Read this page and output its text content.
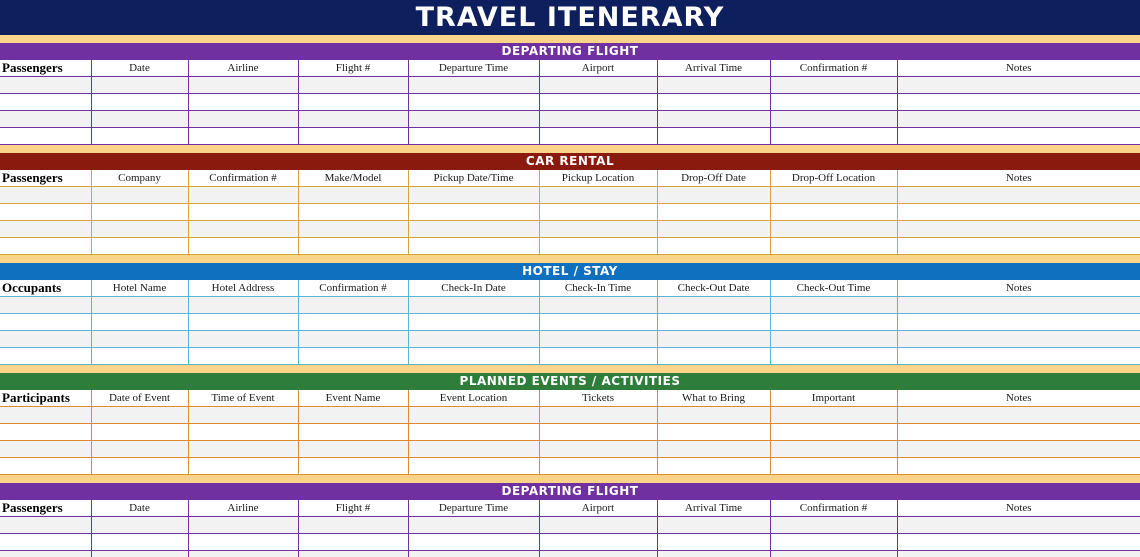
TRAVEL ITENERARY
DEPARTING FLIGHT
Passengers	Date	Airline	Flight #	Departure Time	Airport	Arrival Time	Confirmation #	Notes

CAR RENTAL
Passengers	Company	Confirmation #	Make/Model	Pickup Date/Time	Pickup Location	Drop-Off Date	Drop-Off Location	Notes

HOTEL / STAY
Occupants	Hotel Name	Hotel Address	Confirmation #	Check-In Date	Check-In Time	Check-Out Date	Check-Out Time	Notes

PLANNED EVENTS / ACTIVITIES
Participants	Date of Event	Time of Event	Event Name	Event Location	Tickets	What to Bring	Important	Notes

DEPARTING FLIGHT
Passengers	Date	Airline	Flight #	Departure Time	Airport	Arrival Time	Confirmation #	Notes
